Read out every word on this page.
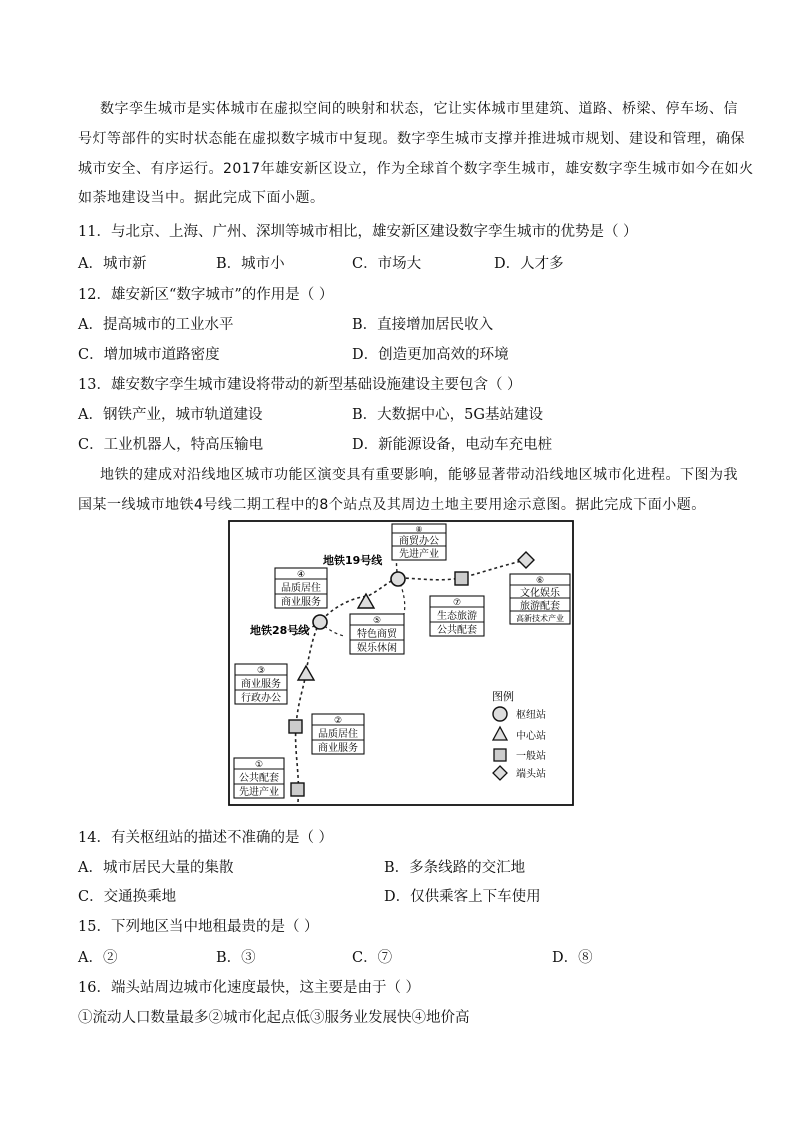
数字孪生城市是实体城市在虚拟空间的映射和状态，它让实体城市里建筑、道路、桥梁、停车场、信
号灯等部件的实时状态能在虚拟数字城市中复现。数字孪生城市支撑并推进城市规划、建设和管理，确保
城市安全、有序运行。2017年雄安新区设立，作为全球首个数字孪生城市，雄安数字孪生城市如今在如火
如荼地建设当中。据此完成下面小题。
11．与北京、上海、广州、深圳等城市相比，雄安新区建设数字孪生城市的优势是（ ）
A．城市新	B．城市小	C．市场大	D．人才多
12．雄安新区“数字城市”的作用是（ ）
A．提高城市的工业水平	B．直接增加居民收入
C．增加城市道路密度	D．创造更加高效的环境
13．雄安数字孪生城市建设将带动的新型基础设施建设主要包含（ ）
A．钢铁产业，城市轨道建设	B．大数据中心，5G基站建设
C．工业机器人，特高压输电	D．新能源设备，电动车充电桩
地铁的建成对沿线地区城市功能区演变具有重要影响，能够显著带动沿线地区城市化进程。下图为我
国某一线城市地铁4号线二期工程中的8个站点及其周边土地主要用途示意图。据此完成下面小题。
地铁19号线
地铁28号线
①
公共配套
先进产业
②
品质居住
商业服务
③
商业服务
行政办公
④
品质居住
商业服务
⑤
特色商贸
娱乐休闲
⑥
文化娱乐
旅游配套
高新技术产业
⑦
生态旅游
公共配套
⑧
商贸办公
先进产业
图例
枢纽站
中心站
一般站
端头站
14．有关枢纽站的描述不准确的是（ ）
A．城市居民大量的集散	B．多条线路的交汇地
C．交通换乘地	D．仅供乘客上下车使用
15．下列地区当中地租最贵的是（ ）
A．②	B．③	C．⑦	D．⑧
16．端头站周边城市化速度最快，这主要是由于（ ）
①流动人口数量最多②城市化起点低③服务业发展快④地价高
